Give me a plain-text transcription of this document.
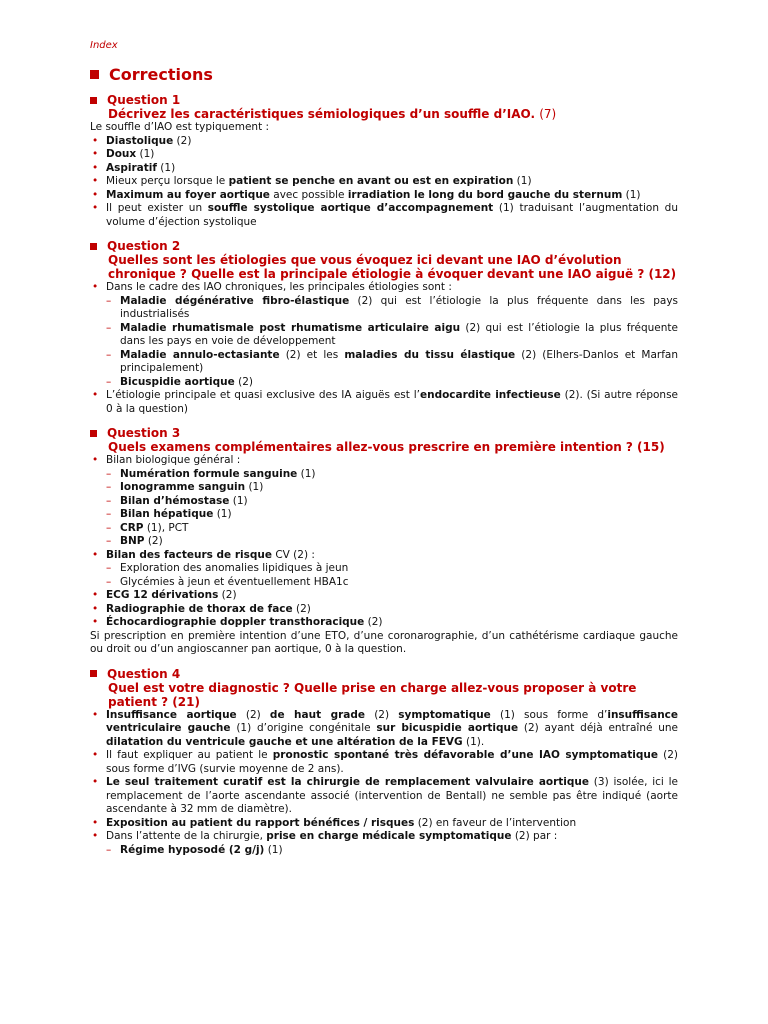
Index
Corrections
Question 1
Décrivez les caractéristiques sémiologiques d’un souffle d’IAO. (7)
Le souffle d’IAO est typiquement :
• Diastolique (2)
• Doux (1)
• Aspiratif (1)
• Mieux perçu lorsque le patient se penche en avant ou est en expiration (1)
• Maximum au foyer aortique avec possible irradiation le long du bord gauche du sternum (1)
• Il peut exister un souffle systolique aortique d’accompagnement (1) traduisant l’augmentation du volume d’éjection systolique
Question 2
Quelles sont les étiologies que vous évoquez ici devant une IAO d’évolution chronique ? Quelle est la principale étiologie à évoquer devant une IAO aiguë ? (12)
• Dans le cadre des IAO chroniques, les principales étiologies sont :
– Maladie dégénérative fibro-élastique (2) qui est l’étiologie la plus fréquente dans les pays industrialisés
– Maladie rhumatismale post rhumatisme articulaire aigu (2) qui est l’étiologie la plus fréquente dans les pays en voie de développement
– Maladie annulo-ectasiante (2) et les maladies du tissu élastique (2) (Elhers-Danlos et Marfan principalement)
– Bicuspidie aortique (2)
• L’étiologie principale et quasi exclusive des IA aiguës est l’endocardite infectieuse (2). (Si autre réponse 0 à la question)
Question 3
Quels examens complémentaires allez-vous prescrire en première intention ? (15)
• Bilan biologique général :
– Numération formule sanguine (1)
– Ionogramme sanguin (1)
– Bilan d’hémostase (1)
– Bilan hépatique (1)
– CRP (1), PCT
– BNP (2)
• Bilan des facteurs de risque CV (2) :
– Exploration des anomalies lipidiques à jeun
– Glycémies à jeun et éventuellement HBA1c
• ECG 12 dérivations (2)
• Radiographie de thorax de face (2)
• Échocardiographie doppler transthoracique (2)
Si prescription en première intention d’une ETO, d’une coronarographie, d’un cathétérisme cardiaque gauche ou droit ou d’un angioscanner pan aortique, 0 à la question.
Question 4
Quel est votre diagnostic ? Quelle prise en charge allez-vous proposer à votre patient ? (21)
• Insuffisance aortique (2) de haut grade (2) symptomatique (1) sous forme d’insuffisance ventriculaire gauche (1) d’origine congénitale sur bicuspidie aortique (2) ayant déjà entraîné une dilatation du ventricule gauche et une altération de la FEVG (1).
• Il faut expliquer au patient le pronostic spontané très défavorable d’une IAO symptomatique (2) sous forme d’IVG (survie moyenne de 2 ans).
• Le seul traitement curatif est la chirurgie de remplacement valvulaire aortique (3) isolée, ici le remplacement de l’aorte ascendante associé (intervention de Bentall) ne semble pas être indiqué (aorte ascendante à 32 mm de diamètre).
• Exposition au patient du rapport bénéfices / risques (2) en faveur de l’intervention
• Dans l’attente de la chirurgie, prise en charge médicale symptomatique (2) par :
– Régime hyposodé (2 g/j) (1)
